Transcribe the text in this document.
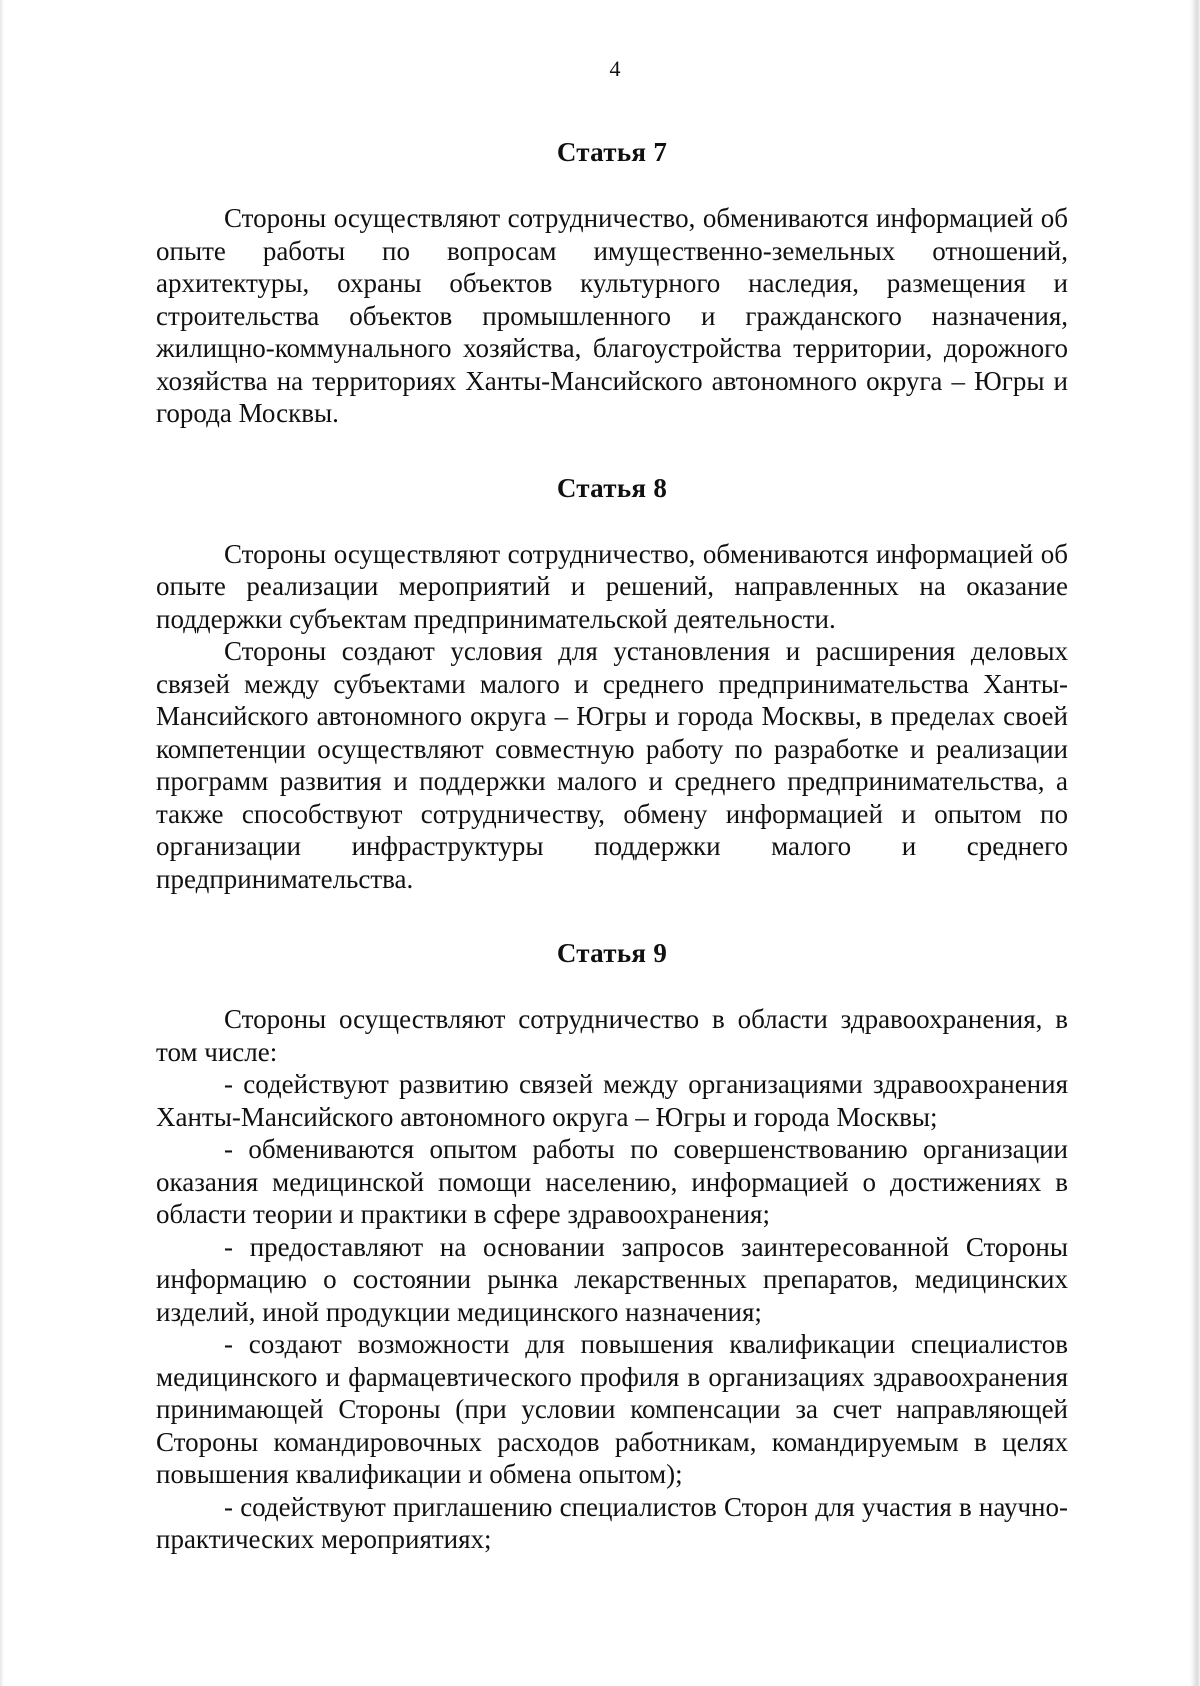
4
Статья 7

Стороны осуществляют сотрудничество, обмениваются информацией об опыте работы по вопросам имущественно-земельных отношений, архитектуры, охраны объектов культурного наследия, размещения и строительства объектов промышленного и гражданского назначения, жилищно-коммунального хозяйства, благоустройства территории, дорожного хозяйства на территориях Ханты-Мансийского автономного округа – Югры и города Москвы.

Статья 8

Стороны осуществляют сотрудничество, обмениваются информацией об опыте реализации мероприятий и решений, направленных на оказание поддержки субъектам предпринимательской деятельности.

Стороны создают условия для установления и расширения деловых связей между субъектами малого и среднего предпринимательства Ханты-Мансийского автономного округа – Югры и города Москвы, в пределах своей компетенции осуществляют совместную работу по разработке и реализации программ развития и поддержки малого и среднего предпринимательства, а также способствуют сотрудничеству, обмену информацией и опытом по организации инфраструктуры поддержки малого и среднего предпринимательства.

Статья 9

Стороны осуществляют сотрудничество в области здравоохранения, в том числе:

- содействуют развитию связей между организациями здравоохранения Ханты-Мансийского автономного округа – Югры и города Москвы;

- обмениваются опытом работы по совершенствованию организации оказания медицинской помощи населению, информацией о достижениях в области теории и практики в сфере здравоохранения;

- предоставляют на основании запросов заинтересованной Стороны информацию о состоянии рынка лекарственных препаратов, медицинских изделий, иной продукции медицинского назначения;

- создают возможности для повышения квалификации специалистов медицинского и фармацевтического профиля в организациях здравоохранения принимающей Стороны (при условии компенсации за счет направляющей Стороны командировочных расходов работникам, командируемым в целях повышения квалификации и обмена опытом);

- содействуют приглашению специалистов Сторон для участия в научно-практических мероприятиях;
